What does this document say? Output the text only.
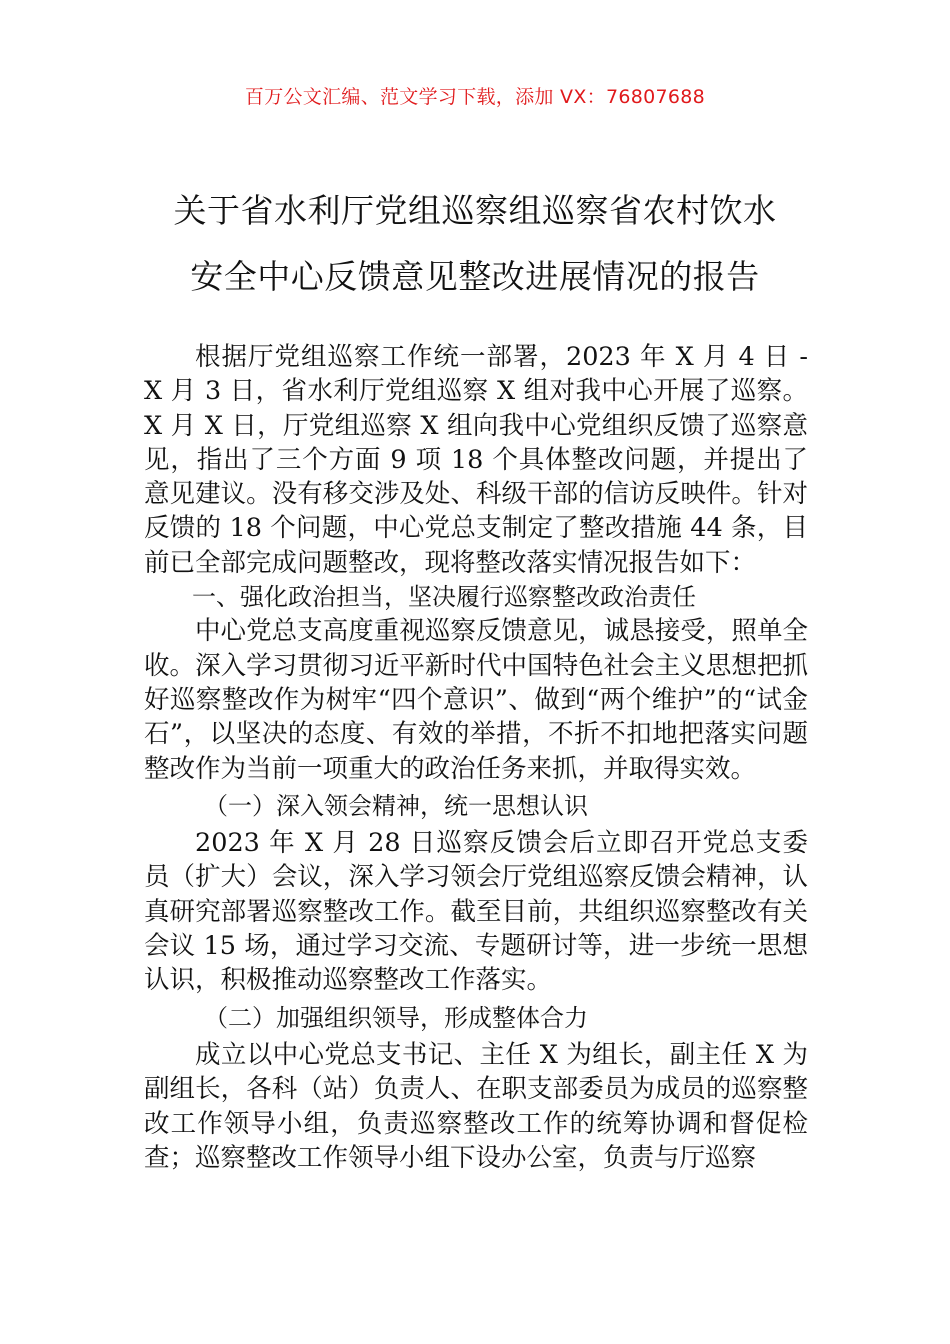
百万公文汇编、范文学习下载，添加 VX：76807688
关于省水利厅党组巡察组巡察省农村饮水
安全中心反馈意见整改进展情况的报告

根据厅党组巡察工作统一部署，2023 年 X 月 4 日 - X 月 3 日，省水利厅党组巡察 X 组对我中心开展了巡察。X 月 X 日，厅党组巡察 X 组向我中心党组织反馈了巡察意见，指出了三个方面 9 项 18 个具体整改问题，并提出了意见建议。没有移交涉及处、科级干部的信访反映件。针对反馈的 18 个问题，中心党总支制定了整改措施 44 条，目前已全部完成问题整改，现将整改落实情况报告如下：

一、强化政治担当，坚决履行巡察整改政治责任

中心党总支高度重视巡察反馈意见，诚恳接受，照单全收。深入学习贯彻习近平新时代中国特色社会主义思想把抓好巡察整改作为树牢“四个意识”、做到“两个维护”的“试金石”，以坚决的态度、有效的举措，不折不扣地把落实问题整改作为当前一项重大的政治任务来抓，并取得实效。

（一）深入领会精神，统一思想认识

2023 年 X 月 28 日巡察反馈会后立即召开党总支委员（扩大）会议，深入学习领会厅党组巡察反馈会精神，认真研究部署巡察整改工作。截至目前，共组织巡察整改有关会议 15 场，通过学习交流、专题研讨等，进一步统一思想认识，积极推动巡察整改工作落实。

（二）加强组织领导，形成整体合力

成立以中心党总支书记、主任 X 为组长，副主任 X 为副组长，各科（站）负责人、在职支部委员为成员的巡察整改工作领导小组，负责巡察整改工作的统筹协调和督促检查；巡察整改工作领导小组下设办公室，负责与厅巡察
